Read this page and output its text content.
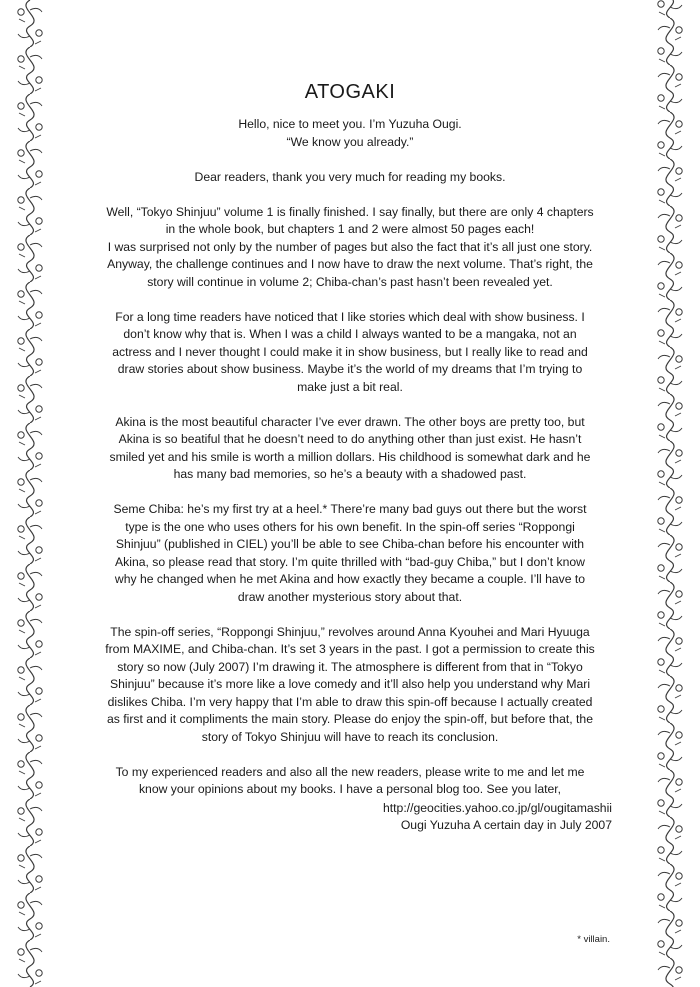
ATOGAKI
Hello, nice to meet you. I’m Yuzuha Ougi.
“We know you already.”
Dear readers, thank you very much for reading my books.
Well, “Tokyo Shinjuu” volume 1 is finally finished. I say finally, but there are only 4 chapters
in the whole book, but chapters 1 and 2 were almost 50 pages each!
I was surprised not only by the number of pages but also the fact that it’s all just one story.
Anyway, the challenge continues and I now have to draw the next volume. That’s right, the
story will continue in volume 2; Chiba-chan’s past hasn’t been revealed yet.
For a long time readers have noticed that I like stories which deal with show business. I
don’t know why that is. When I was a child I always wanted to be a mangaka, not an
actress and I never thought I could make it in show business, but I really like to read and
draw stories about show business. Maybe it’s the world of my dreams that I’m trying to
make just a bit real.
Akina is the most beautiful character I’ve ever drawn. The other boys are pretty too, but
Akina is so beatiful that he doesn’t need to do anything other than just exist. He hasn’t
smiled yet and his smile is worth a million dollars. His childhood is somewhat dark and he
has many bad memories, so he’s a beauty with a shadowed past.
Seme Chiba: he’s my first try at a heel.* There’re many bad guys out there but the worst
type is the one who uses others for his own benefit. In the spin-off series “Roppongi
Shinjuu” (published in CIEL) you’ll be able to see Chiba-chan before his encounter with
Akina, so please read that story. I’m quite thrilled with “bad-guy Chiba,” but I don’t know
why he changed when he met Akina and how exactly they became a couple. I’ll have to
draw another mysterious story about that.
The spin-off series, “Roppongi Shinjuu,” revolves around Anna Kyouhei and Mari Hyuuga
from MAXIME, and Chiba-chan. It’s set 3 years in the past. I got a permission to create this
story so now (July 2007) I’m drawing it. The atmosphere is different from that in “Tokyo
Shinjuu” because it’s more like a love comedy and it’ll also help you understand why Mari
dislikes Chiba. I’m very happy that I’m able to draw this spin-off because I actually created
as first and it compliments the main story. Please do enjoy the spin-off, but before that, the
story of Tokyo Shinjuu will have to reach its conclusion.
To my experienced readers and also all the new readers, please write to me and let me
know your opinions about my books. I have a personal blog too. See you later,
http://geocities.yahoo.co.jp/gl/ougitamashii
Ougi Yuzuha A certain day in July 2007
* villain.
